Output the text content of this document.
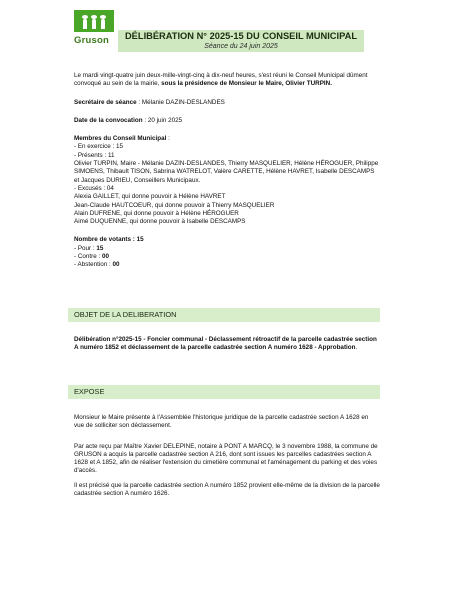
Gruson	DÉLIBÉRATION N° 2025-15 DU CONSEIL MUNICIPAL
Séance du 24 juin 2025

Le mardi vingt-quatre juin deux-mille-vingt-cinq à dix-neuf heures, s'est réuni le Conseil Municipal dûment convoqué au sein de la mairie, sous la présidence de Monsieur le Maire, Olivier TURPIN.

Secrétaire de séance : Mélanie DAZIN-DESLANDES

Date de la convocation : 20 juin 2025

Membres du Conseil Municipal :

- En exercice : 15

- Présents : 11

Olivier TURPIN, Maire - Mélanie DAZIN-DESLANDES, Thierry MASQUELIER, Hélène HÉROGUER, Philippe SIMOENS, Thibault TISON, Sabrina WATRELOT, Valère CARETTE, Hélène HAVRET, Isabelle DESCAMPS et Jacques DURIEU, Conseillers Municipaux.

- Excusés : 04

Alexia GAILLET, qui donne pouvoir à Hélène HAVRET

Jean-Claude HAUTCOEUR, qui donne pouvoir à Thierry MASQUELIER

Alain DUFRENE, qui donne pouvoir à Hélène HÉROGUER

Aimé DUQUENNE, qui donne pouvoir à Isabelle DESCAMPS

Nombre de votants : 15

- Pour : 15

- Contre : 00

- Abstention : 00

OBJET DE LA DELIBERATION

Délibération n°2025-15 - Foncier communal - Déclassement rétroactif de la parcelle cadastrée section A numéro 1852 et déclassement de la parcelle cadastrée section A numéro 1628 - Approbation.

EXPOSE

Monsieur le Maire présente à l'Assemblée l'historique juridique de la parcelle cadastrée section A 1628 en vue de solliciter son déclassement.

Par acte reçu par Maître Xavier DELEPINE, notaire à PONT A MARCQ, le 3 novembre 1988, la commune de GRUSON a acquis la parcelle cadastrée section A 216, dont sont issues les parcelles cadastrées section A 1628 et A 1852, afin de réaliser l'extension du cimetière communal et l'aménagement du parking et des voies d'accès.

Il est précisé que la parcelle cadastrée section A numéro 1852 provient elle-même de la division de la parcelle cadastrée section A numéro 1626.
